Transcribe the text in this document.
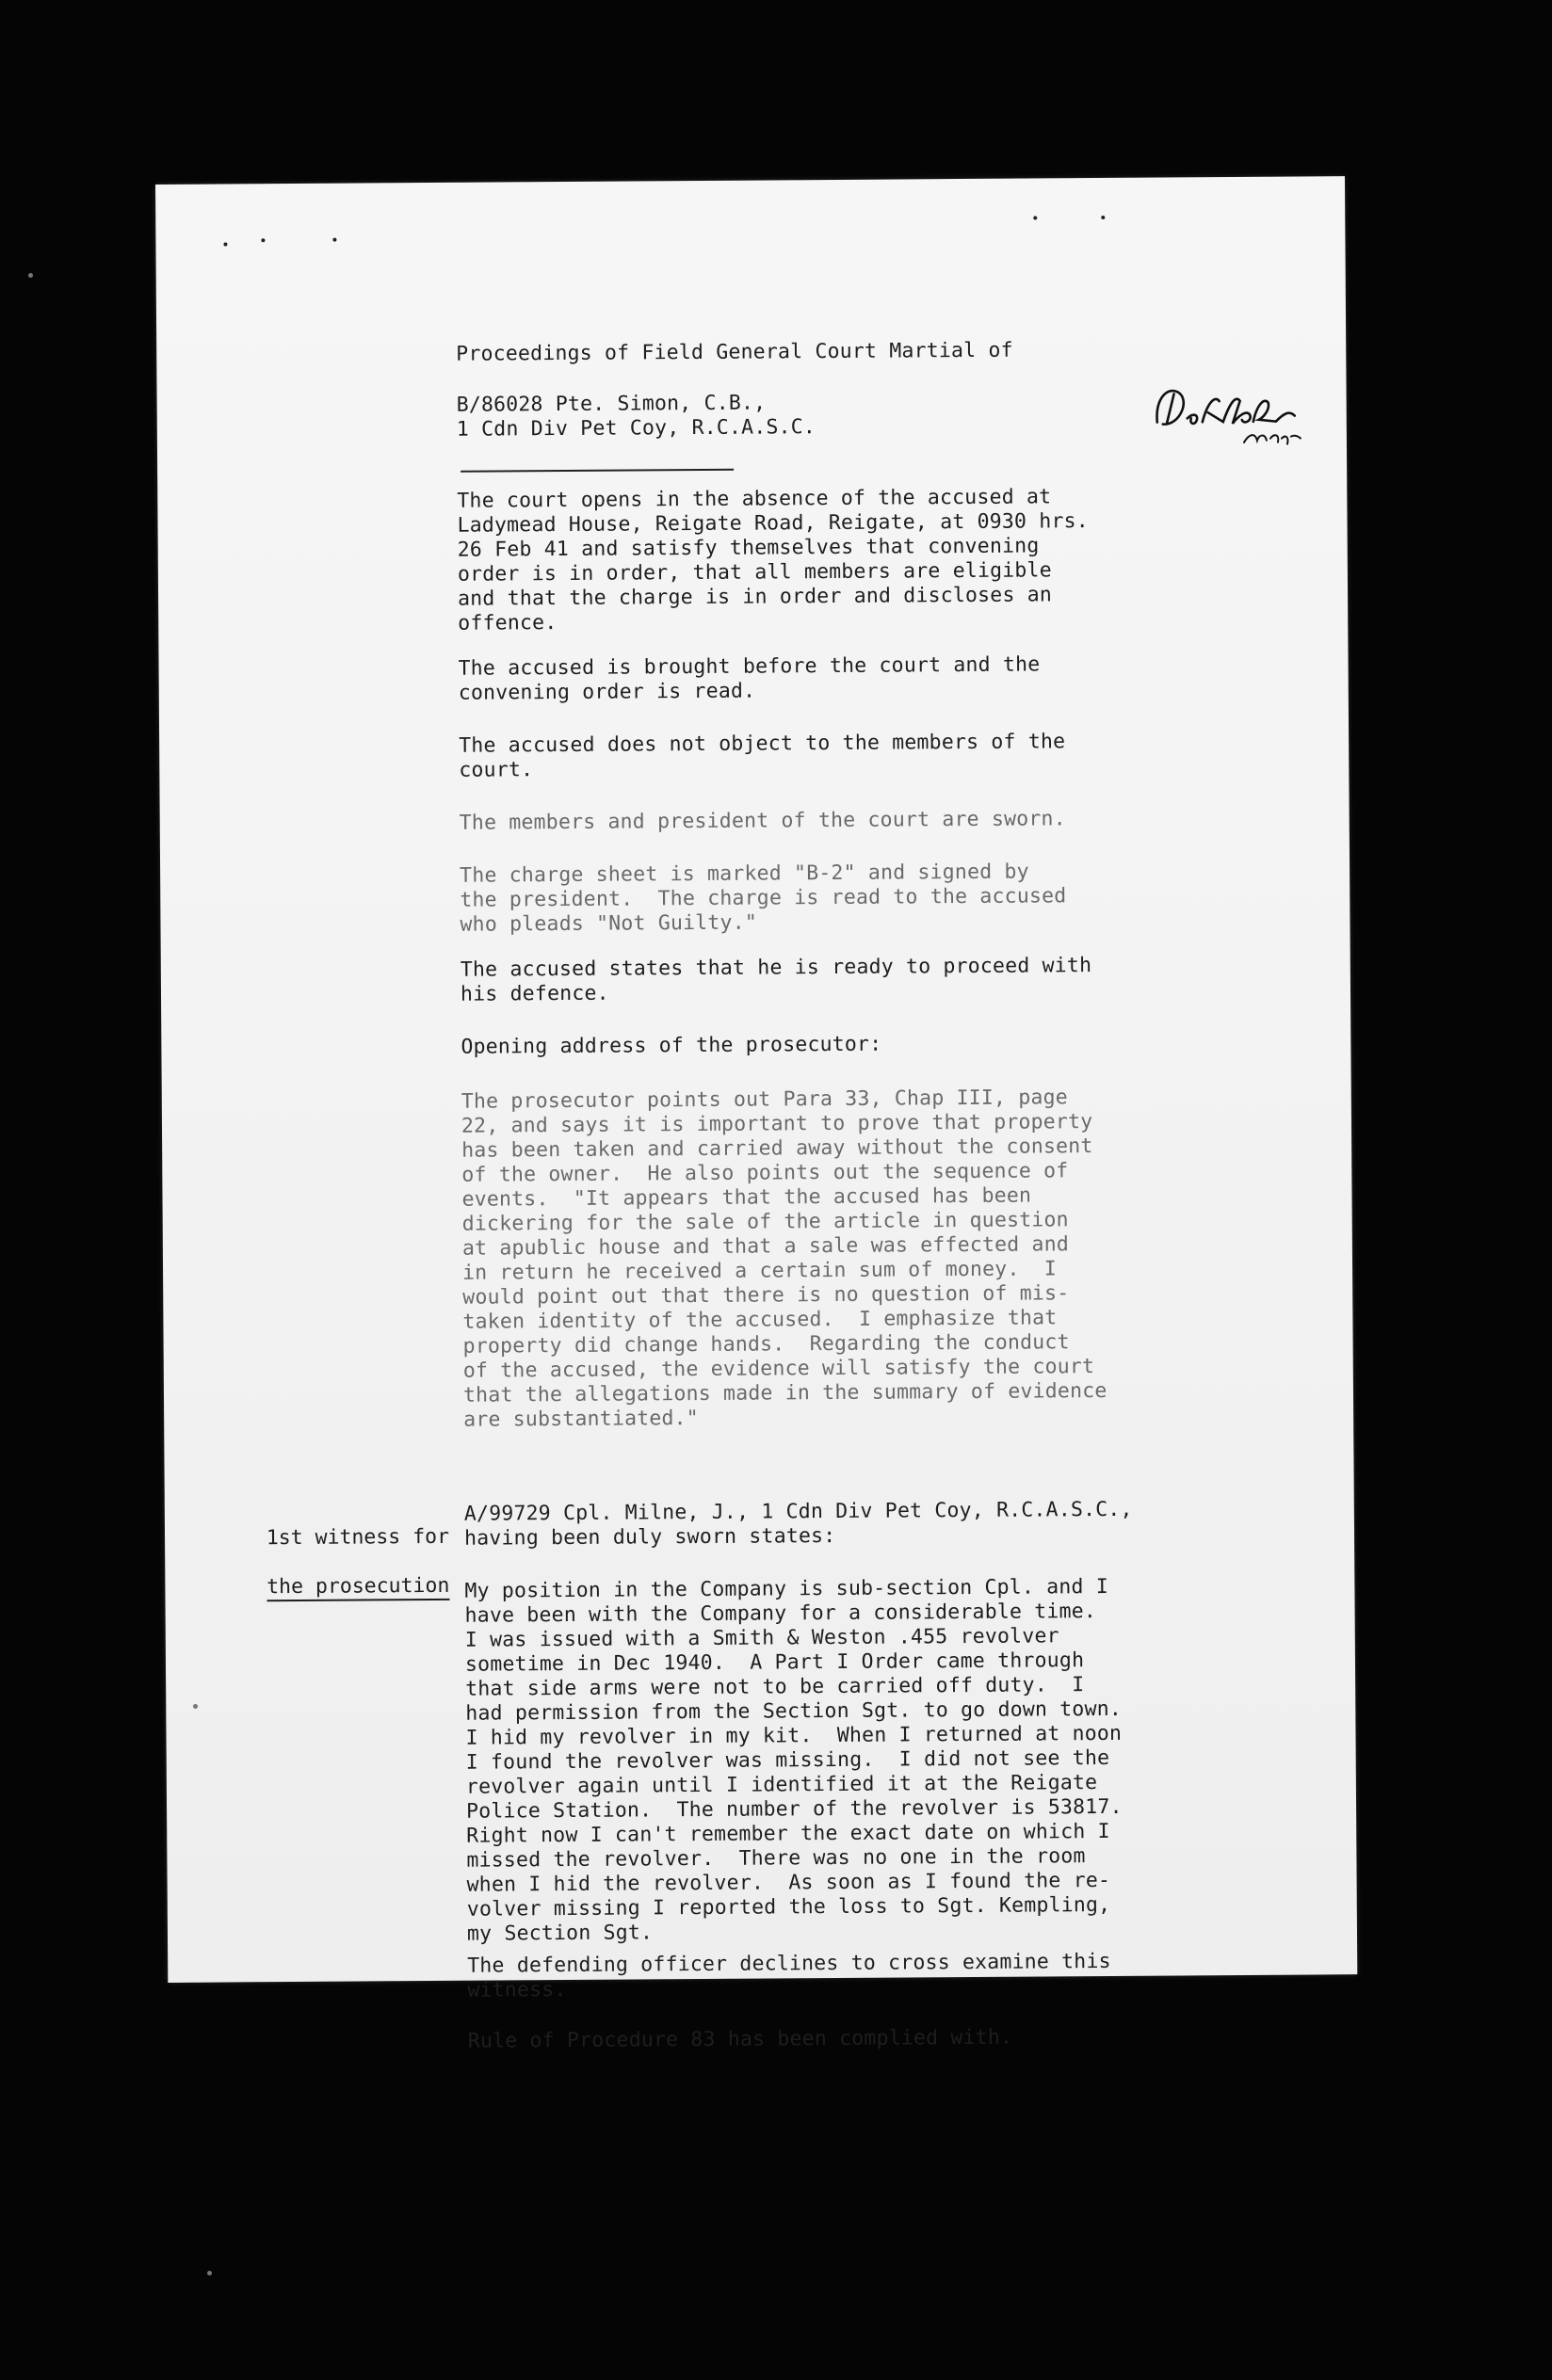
Proceedings of Field General Court Martial of
B/86028 Pte. Simon, C.B.,
1 Cdn Div Pet Coy, R.C.A.S.C.
The court opens in the absence of the accused at
Ladymead House, Reigate Road, Reigate, at 0930 hrs.
26 Feb 41 and satisfy themselves that convening
order is in order, that all members are eligible
and that the charge is in order and discloses an
offence.
The accused is brought before the court and the
convening order is read.
The accused does not object to the members of the
court.
The members and president of the court are sworn.
The charge sheet is marked "B-2" and signed by
the president.  The charge is read to the accused
who pleads "Not Guilty."
The accused states that he is ready to proceed with
his defence.
Opening address of the prosecutor:
The prosecutor points out Para 33, Chap III, page
22, and says it is important to prove that property
has been taken and carried away without the consent
of the owner.  He also points out the sequence of
events.  "It appears that the accused has been
dickering for the sale of the article in question
at apublic house and that a sale was effected and
in return he received a certain sum of money.  I
would point out that there is no question of mis-
taken identity of the accused.  I emphasize that
property did change hands.  Regarding the conduct
of the accused, the evidence will satisfy the court
that the allegations made in the summary of evidence
are substantiated."

1st witness for

the prosecution

A/99729 Cpl. Milne, J., 1 Cdn Div Pet Coy, R.C.A.S.C.,
having been duly sworn states:
My position in the Company is sub-section Cpl. and I
have been with the Company for a considerable time.
I was issued with a Smith & Weston .455 revolver
sometime in Dec 1940.  A Part I Order came through
that side arms were not to be carried off duty.  I
had permission from the Section Sgt. to go down town.
I hid my revolver in my kit.  When I returned at noon
I found the revolver was missing.  I did not see the
revolver again until I identified it at the Reigate
Police Station.  The number of the revolver is 53817.
Right now I can't remember the exact date on which I
missed the revolver.  There was no one in the room
when I hid the revolver.  As soon as I found the re-
volver missing I reported the loss to Sgt. Kempling,
my Section Sgt.
The defending officer declines to cross examine this
witness.
Rule of Procedure 83 has been complied with.
